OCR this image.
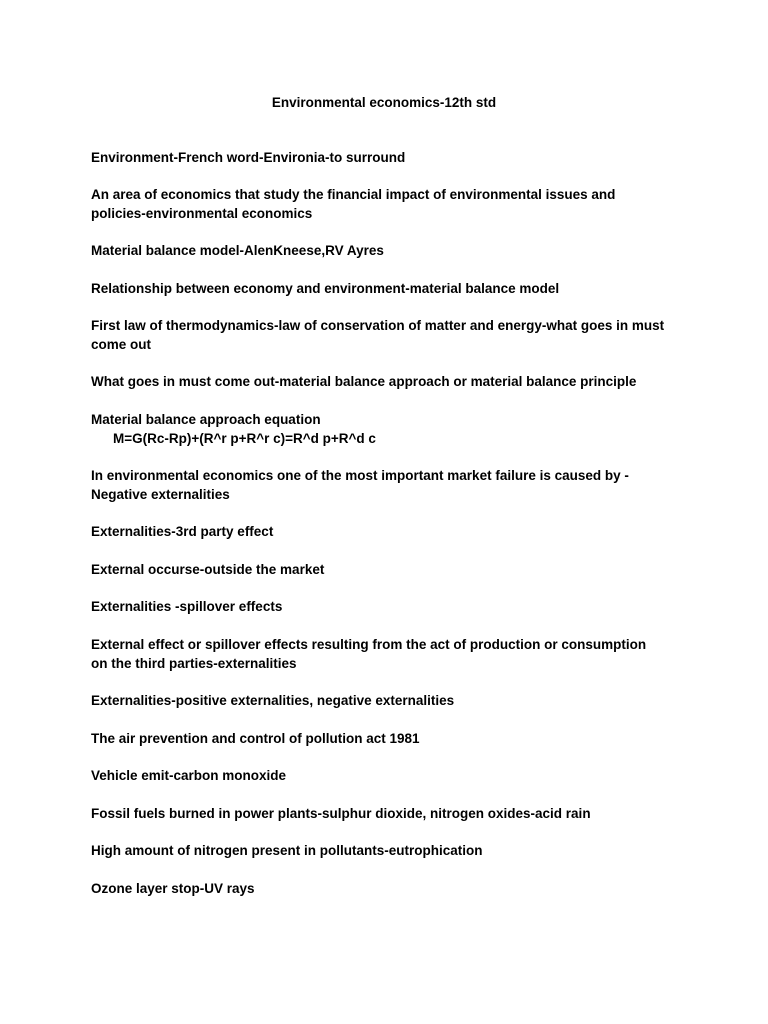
Environmental economics-12th std

Environment-French word-Environia-to surround

An area of economics that study the financial impact of environmental issues and

policies-environmental economics

Material balance model-AlenKneese,RV Ayres

Relationship between economy and environment-material balance model

First law of thermodynamics-law of conservation of matter and energy-what goes in must

come out

What goes in must come out-material balance approach or material balance principle

Material balance approach equation

M=G(Rc-Rp)+(R^r p+R^r c)=R^d p+R^d c

In environmental economics one of the most important market failure is caused by -

Negative externalities

Externalities-3rd party effect

External occurse-outside the market

Externalities -spillover effects

External effect or spillover effects resulting from the act of production or consumption

on the third parties-externalities

Externalities-positive externalities, negative externalities

The air prevention and control of pollution act 1981

Vehicle emit-carbon monoxide

Fossil fuels burned in power plants-sulphur dioxide, nitrogen oxides-acid rain

High amount of nitrogen present in pollutants-eutrophication

Ozone layer stop-UV rays
